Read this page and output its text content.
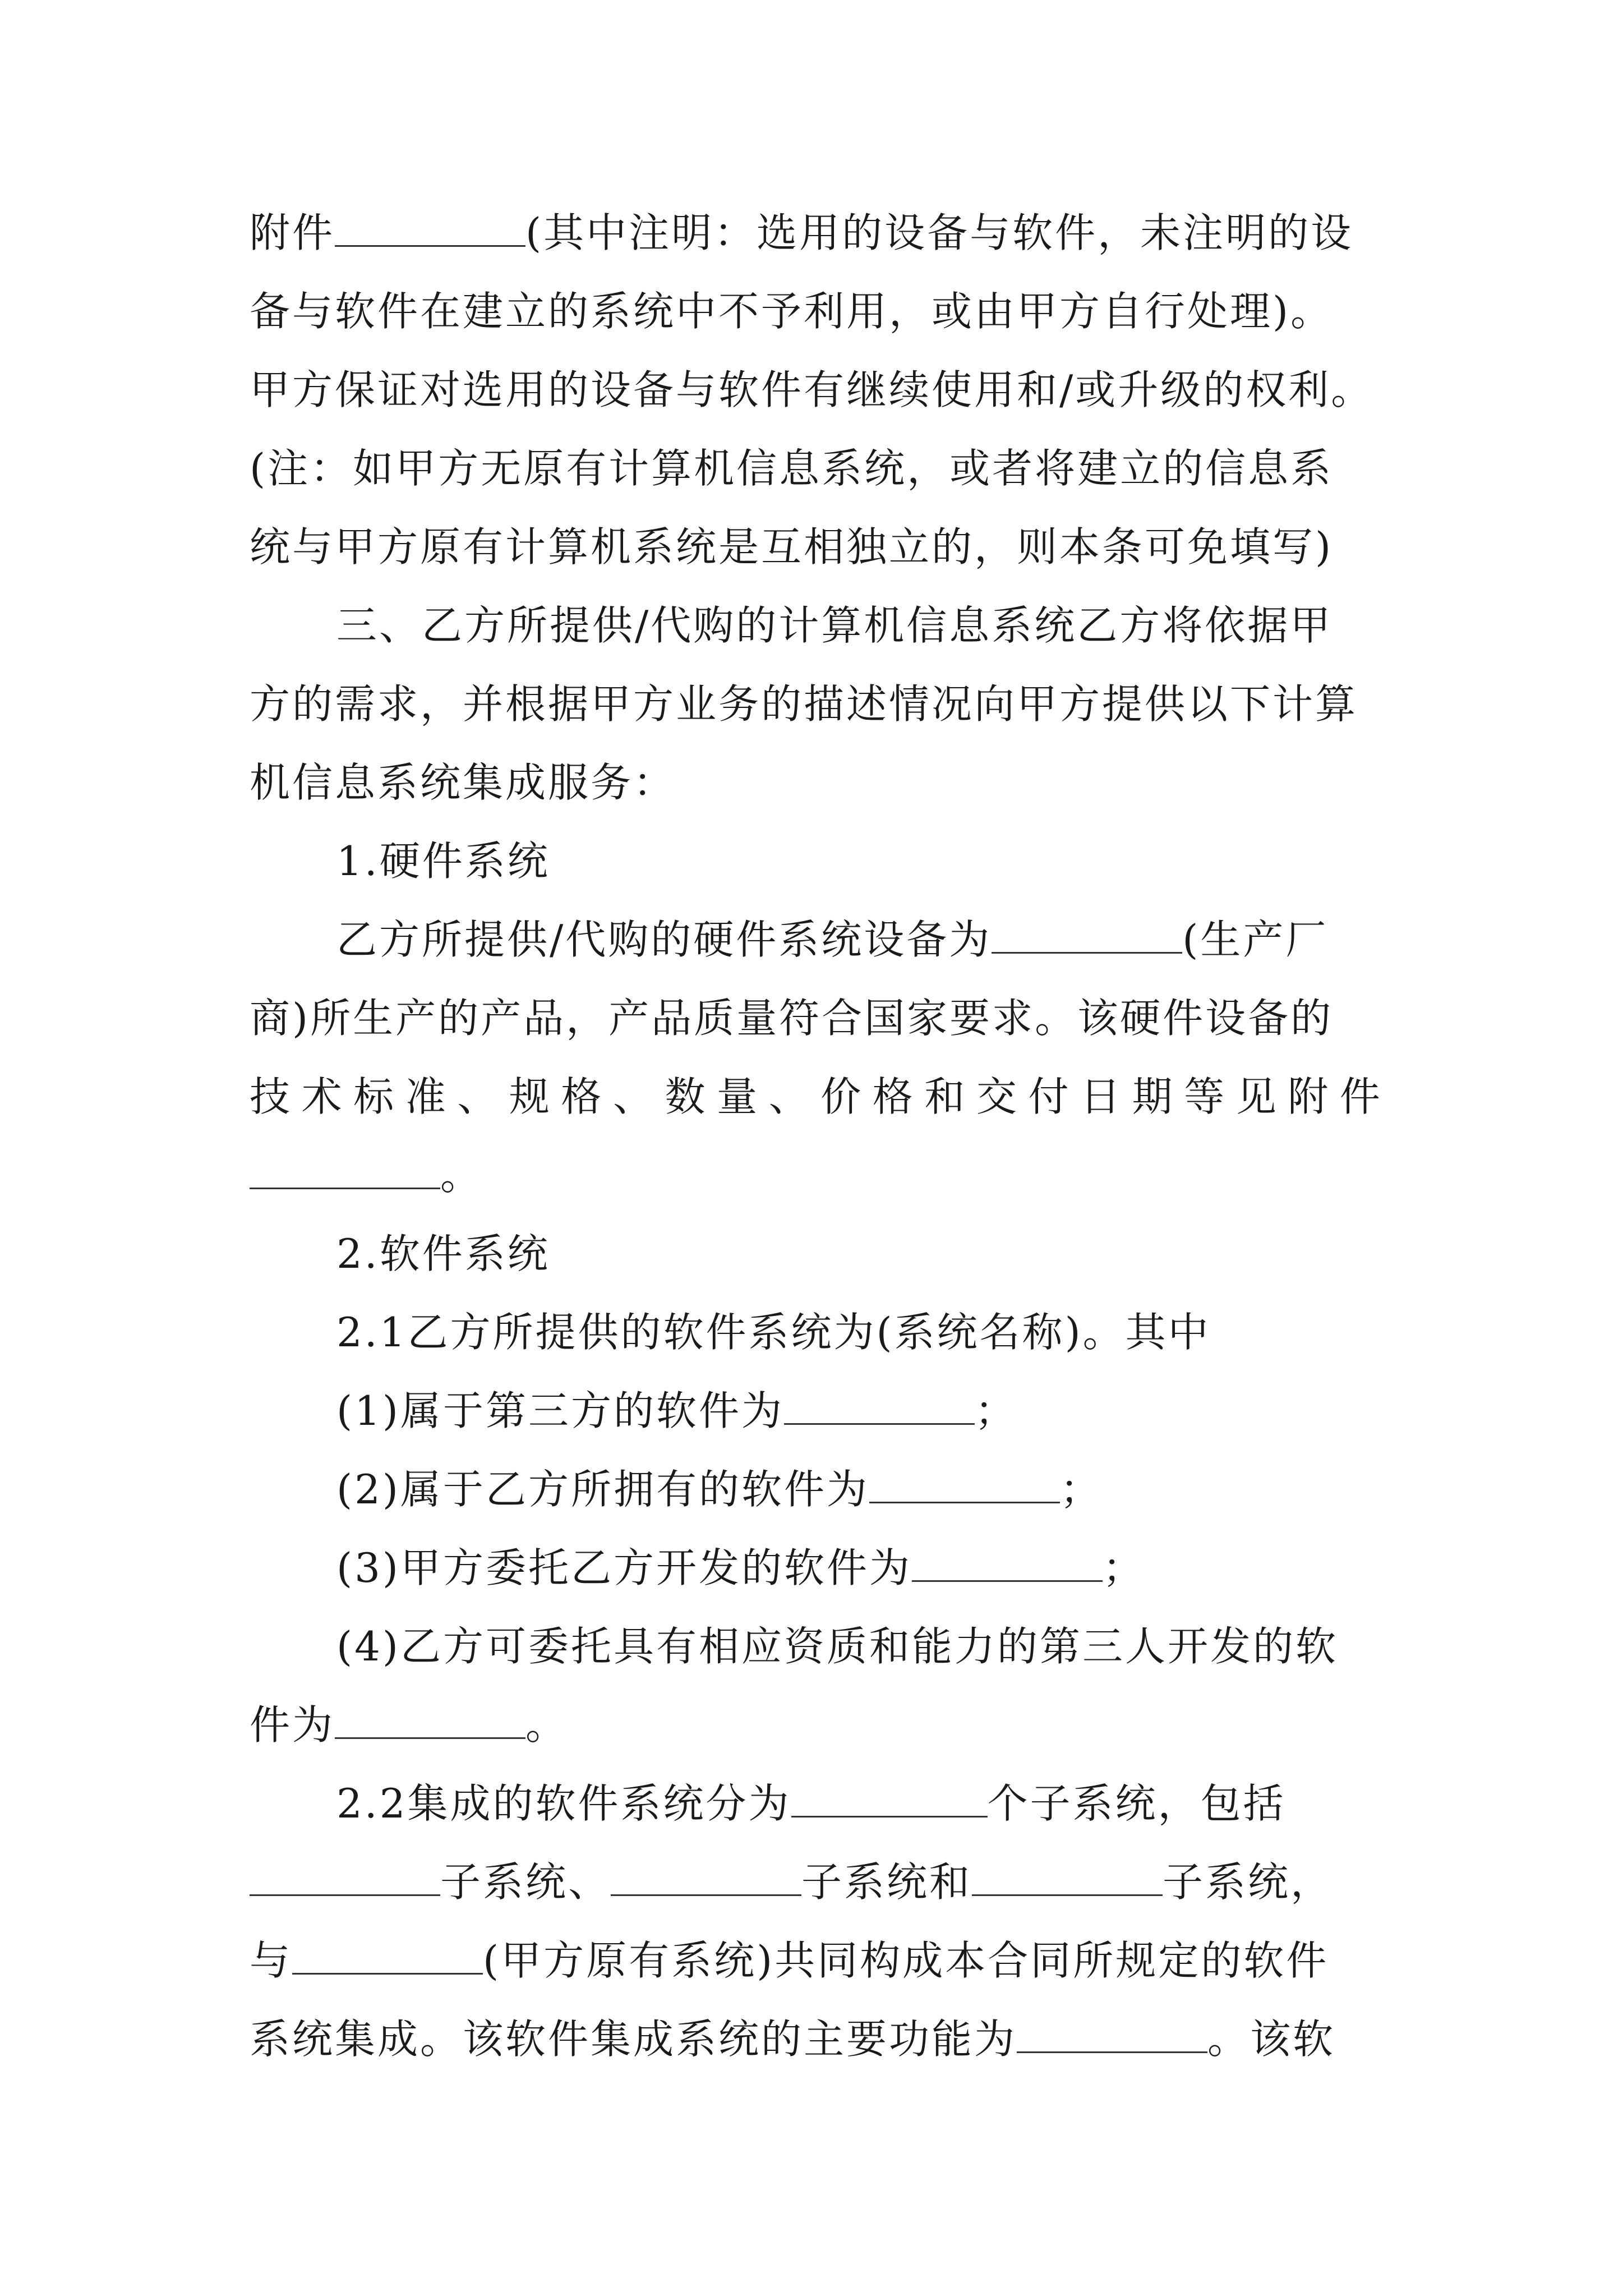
附件	(其中注明：选用的设备与软件，未注明的设
备与软件在建立的系统中不予利用，或由甲方自行处理)。
甲方保证对选用的设备与软件有继续使用和/或升级的权利。
(注：如甲方无原有计算机信息系统，或者将建立的信息系
统与甲方原有计算机系统是互相独立的，则本条可免填写)
三、乙方所提供/代购的计算机信息系统乙方将依据甲
方的需求，并根据甲方业务的描述情况向甲方提供以下计算
机信息系统集成服务：
1.硬件系统
乙方所提供/代购的硬件系统设备为	(生产厂
商)所生产的产品，产品质量符合国家要求。该硬件设备的
技 术 标 准 、 规 格 、 数 量 、 价 格 和 交 付 日 期 等 见 附 件
。
2.软件系统
2.1乙方所提供的软件系统为(系统名称)。其中
(1)属于第三方的软件为	；
(2)属于乙方所拥有的软件为	；
(3)甲方委托乙方开发的软件为	；
(4)乙方可委托具有相应资质和能力的第三人开发的软
件为	。
2.2集成的软件系统分为	个子系统，包括
子系统、	子系统和	子系统，
与	(甲方原有系统)共同构成本合同所规定的软件
系统集成。该软件集成系统的主要功能为	。该软
